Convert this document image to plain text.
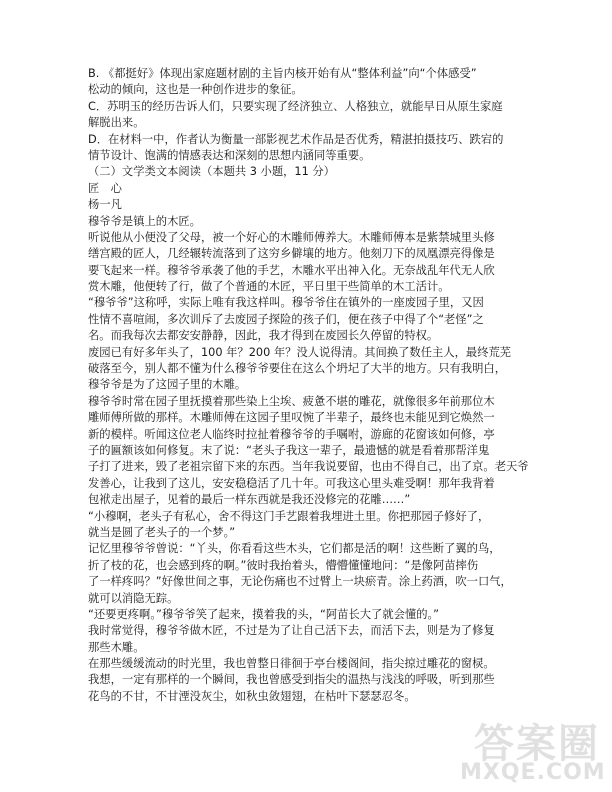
B. 《都挺好》体现出家庭题材剧的主旨内核开始有从“整体利益”向“个体感受”
松动的倾向，这也是一种创作进步的象征。
C．苏明玉的经历告诉人们，只要实现了经济独立、人格独立，就能早日从原生家庭
解脱出来。
D．在材料一中，作者认为衡量一部影视艺术作品是否优秀，精湛拍摄技巧、跌宕的
情节设计、饱满的情感表达和深刻的思想内涵同等重要。
（二）文学类文本阅读（本题共 3 小题，11 分）
匠　心
杨一凡
穆爷爷是镇上的木匠。
听说他从小便没了父母，被一个好心的木雕师傅养大。木雕师傅本是紫禁城里头修
缮宫殿的匠人，几经辗转流落到了这穷乡僻壤的地方。他刻刀下的凤凰漂亮得像是
要飞起来一样。穆爷爷承袭了他的手艺，木雕水平出神入化。无奈战乱年代无人欣
赏木雕，他便转了行，做了个普通的木匠，平日里干些简单的木工活计。
“穆爷爷”这称呼，实际上唯有我这样叫。穆爷爷住在镇外的一座废园子里，又因
性情不喜喧闹，多次训斥了去废园子探险的孩子们，便在孩子中得了个“老怪”之
名。而我每次去都安安静静，因此，我才得到在废园长久停留的特权。
废园已有好多年头了，100 年？200 年？没人说得清。其间换了数任主人，最终荒芜
破落至今，别人都不懂为什么穆爷爷要住在这么个坍圮了大半的地方。只有我明白，
穆爷爷是为了这园子里的木雕。
穆爷爷时常在园子里抚摸着那些染上尘埃、疲惫不堪的雕花，就像很多年前那位木
雕师傅所做的那样。木雕师傅在这园子里叹惋了半辈子，最终也未能见到它焕然一
新的模样。听闻这位老人临终时拉扯着穆爷爷的手嘱咐，游廊的花窗该如何修，亭
子的匾额该如何修复。末了说：“老头子我这一辈子，最遗憾的就是看着那帮洋鬼
子打了进来，毁了老祖宗留下来的东西。当年我说要留，也由不得自己，出了京。老天爷
发善心，让我到了这儿，安安稳稳活了几十年。可我这心里头难受啊！那年我背着
包袱走出屋子，见着的最后一样东西就是我还没修完的花雕……”
“小穆啊，老头子有私心，舍不得这门手艺跟着我埋进土里。你把那园子修好了，
就当是圆了老头子的一个梦。”
记忆里穆爷爷曾说：“丫头，你看看这些木头，它们都是活的啊！这些断了翼的鸟，
折了枝的花，也会感到疼的啊。”彼时我抬着头，懵懵懂懂地问：“是像阿苗摔伤
了一样疼吗？”好像世间之事，无论伤痛也不过臂上一块瘀青。涂上药酒，吹一口气，
就可以消隐无踪。
“还要更疼啊。”穆爷爷笑了起来，摸着我的头，“阿苗长大了就会懂的。”
我时常觉得，穆爷爷做木匠，不过是为了让自己活下去，而活下去，则是为了修复
那些木雕。
在那些缓缓流动的时光里，我也曾整日徘徊于亭台楼阁间，指尖掠过雕花的窗棂。
我想，一定有那样的一个瞬间，我也曾感受到指尖的温热与浅浅的呼吸，听到那些
花鸟的不甘，不甘湮没灰尘，如秋虫敛翅翅，在枯叶下瑟瑟忍冬。
答案圈
MXQE.COM
